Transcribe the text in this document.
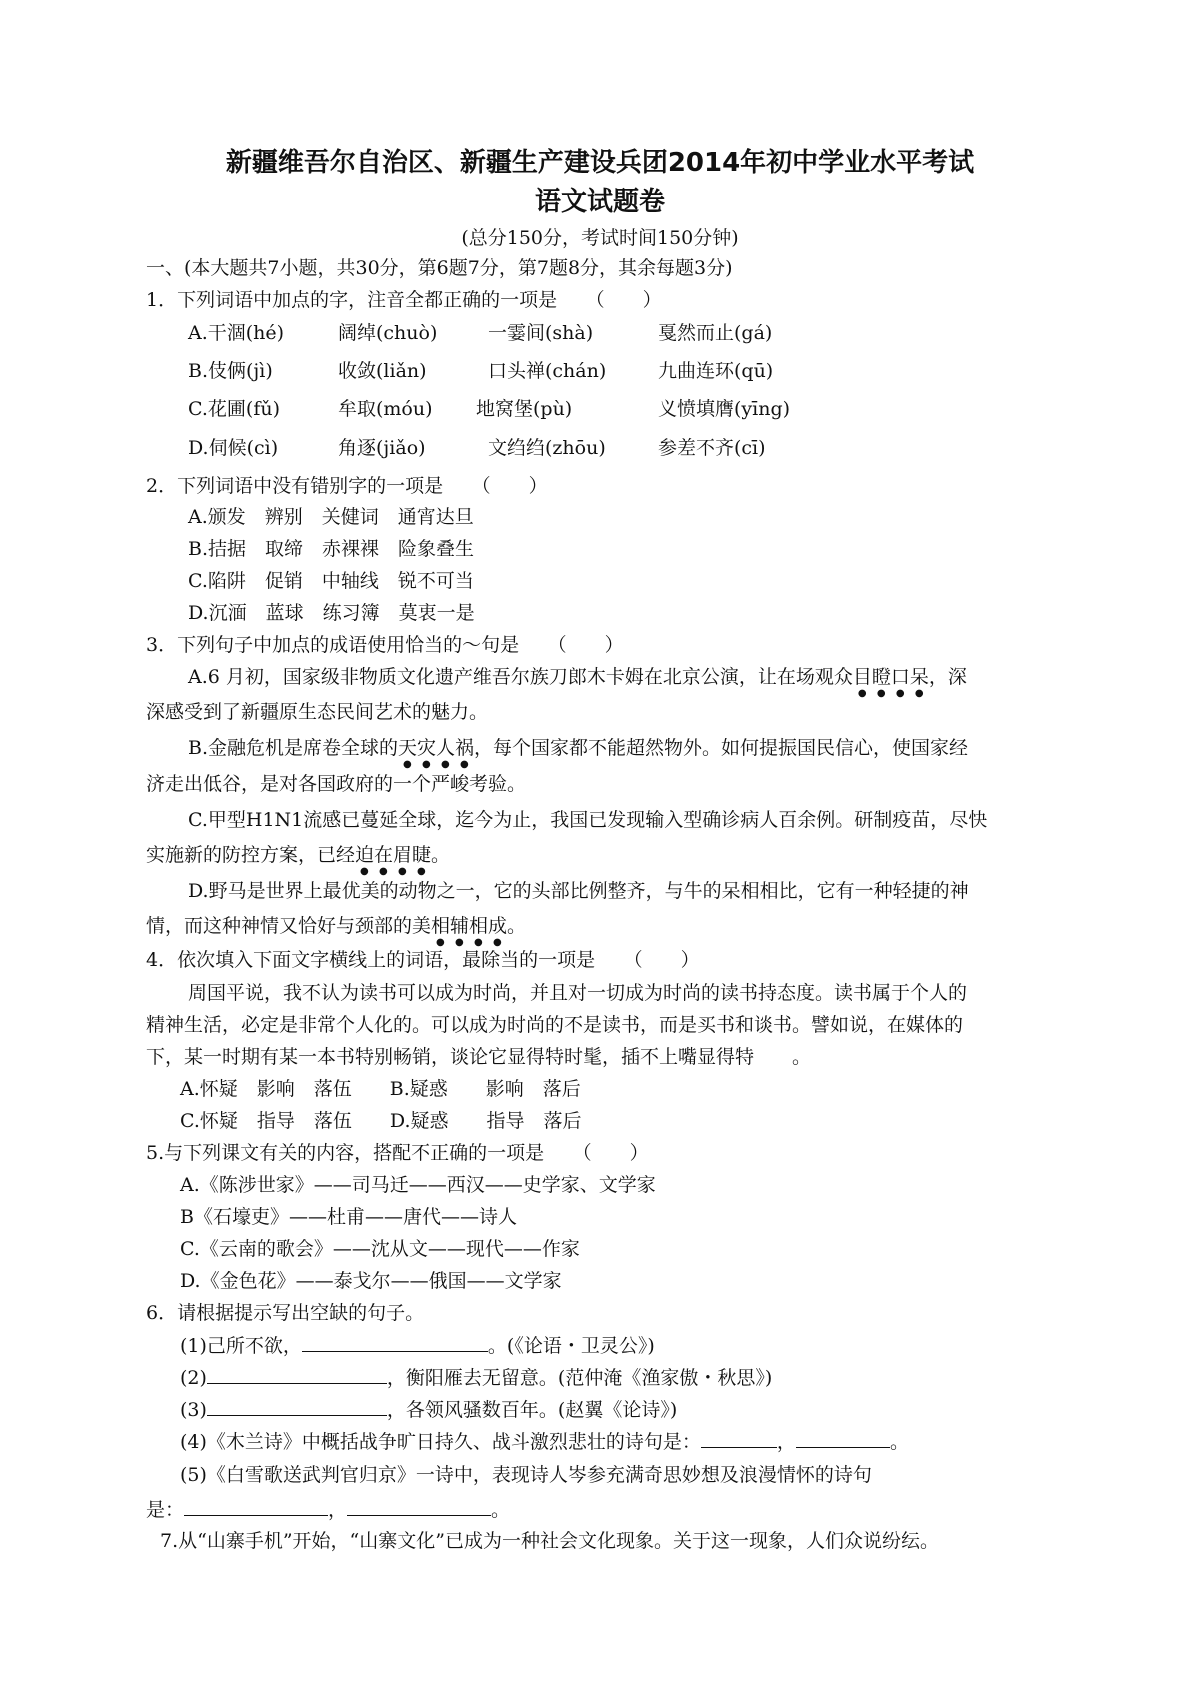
新疆维吾尔自治区、新疆生产建设兵团2014年初中学业水平考试
语文试题卷
(总分150分，考试时间150分钟)
一、(本大题共7小题，共30分，第6题7分，第7题8分，其余每题3分)
1．下列词语中加点的字，注音全都正确的一项是　　（　　）
A.干涸(hé)	阔绰(chuò)	一霎间(shà)	戛然而止(gá)
B.伎俩(jì)	收敛(liǎn)	口头禅(chán)	九曲连环(qū)
C.花圃(fǔ)	牟取(móu) 地窝堡(pù)	义愤填膺(yīng)
D.伺候(cì)	角逐(jiǎo)	文绉绉(zhōu)	参差不齐(cī)
2．下列词语中没有错别字的一项是　　（　　）
A.颁发　辨别　关健词　通宵达旦
B.拮据　取缔　赤裸裸　险象叠生
C.陷阱　促销　中轴线　锐不可当
D.沉湎　蓝球　练习簿　莫衷一是
3．下列句子中加点的成语使用恰当的～句是　　（　　）
A.6 月初，国家级非物质文化遗产维吾尔族刀郎木卡姆在北京公演，让在场观众目瞪口呆，深
深感受到了新疆原生态民间艺术的魅力。
B.金融危机是席卷全球的天灾人祸，每个国家都不能超然物外。如何提振国民信心，使国家经
济走出低谷，是对各国政府的一个严峻考验。
C.甲型H1N1流感已蔓延全球，迄今为止，我国已发现输入型确诊病人百余例。研制疫苗，尽快
实施新的防控方案，已经迫在眉睫。
D.野马是世界上最优美的动物之一，它的头部比例整齐，与牛的呆相相比，它有一种轻捷的神
情，而这种神情又恰好与颈部的美相辅相成。
4．依次填入下面文字横线上的词语，最除当的一项是　　（　　）
周国平说，我不认为读书可以成为时尚，并且对一切成为时尚的读书持态度。读书属于个人的
精神生活，必定是非常个人化的。可以成为时尚的不是读书，而是买书和谈书。譬如说，在媒体的
下，某一时期有某一本书特别畅销，谈论它显得特时髦，插不上嘴显得特　　。
A.怀疑　影响　落伍　　B.疑惑　　影响　落后
C.怀疑　指导　落伍　　D.疑惑　　指导　落后
5.与下列课文有关的内容，搭配不正确的一项是　　（　　）
A.《陈涉世家》——司马迁——西汉——史学家、文学家
B《石壕吏》——杜甫——唐代——诗人
C.《云南的歌会》——沈从文——现代——作家
D.《金色花》——泰戈尔——俄国——文学家
6．请根据提示写出空缺的句子。
(1)己所不欲，	。(《论语・卫灵公》)
(2)	，衡阳雁去无留意。(范仲淹《渔家傲・秋思》)
(3)	，各领风骚数百年。(赵翼《论诗》)
(4)《木兰诗》中概括战争旷日持久、战斗激烈悲壮的诗句是：	，	。
(5)《白雪歌送武判官归京》一诗中，表现诗人岑参充满奇思妙想及浪漫情怀的诗句
是：	，	。
7.从“山寨手机”开始，“山寨文化”已成为一种社会文化现象。关于这一现象，人们众说纷纭。
